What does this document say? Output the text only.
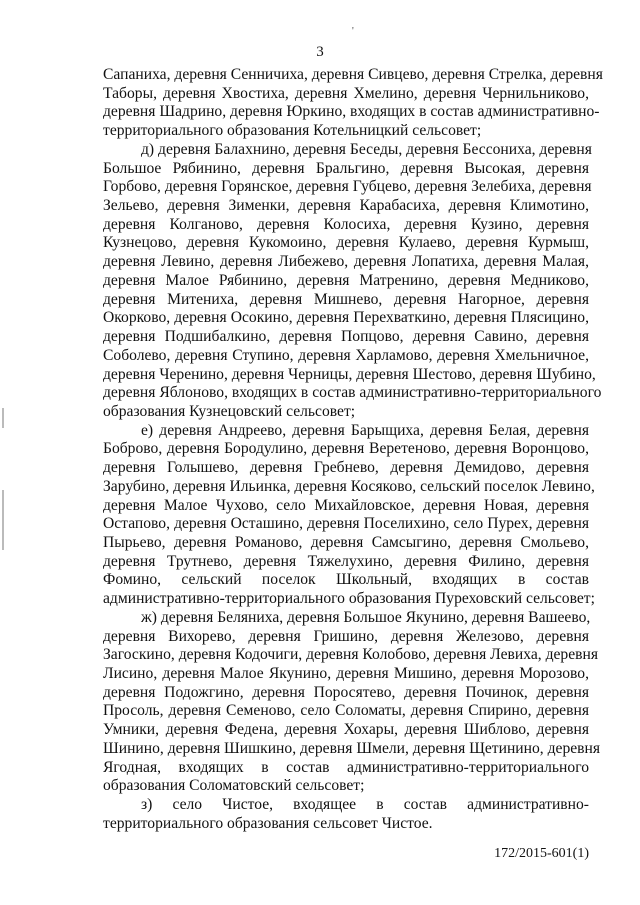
'
3
Сапаниха, деревня Сенничиха, деревня Сивцево, деревня Стрелка, деревня
Таборы, деревня Хвостиха, деревня Хмелино, деревня Чернильниково,
деревня Шадрино, деревня Юркино, входящих в состав административно-
территориального образования Котельницкий сельсовет;
д) деревня Балахнино, деревня Беседы, деревня Бессониха, деревня
Большое Рябинино, деревня Бральгино, деревня Высокая, деревня
Горбово, деревня Горянское, деревня Губцево, деревня Зелебиха, деревня
Зельево, деревня Зименки, деревня Карабасиха, деревня Климотино,
деревня Колганово, деревня Колосиха, деревня Кузино, деревня
Кузнецово, деревня Кукомоино, деревня Кулаево, деревня Курмыш,
деревня Левино, деревня Либежево, деревня Лопатиха, деревня Малая,
деревня Малое Рябинино, деревня Матренино, деревня Медниково,
деревня Митениха, деревня Мишнево, деревня Нагорное, деревня
Окорково, деревня Осокино, деревня Перехваткино, деревня Плясицино,
деревня Подшибалкино, деревня Попцово, деревня Савино, деревня
Соболево, деревня Ступино, деревня Харламово, деревня Хмельничное,
деревня Черенино, деревня Черницы, деревня Шестово, деревня Шубино,
деревня Яблоново, входящих в состав административно-территориального
образования Кузнецовский сельсовет;
е) деревня Андреево, деревня Барыщиха, деревня Белая, деревня
Боброво, деревня Бородулино, деревня Веретеново, деревня Воронцово,
деревня Голышево, деревня Гребнево, деревня Демидово, деревня
Зарубино, деревня Ильинка, деревня Косяково, сельский поселок Левино,
деревня Малое Чухово, село Михайловское, деревня Новая, деревня
Остапово, деревня Осташино, деревня Поселихино, село Пурех, деревня
Пырьево, деревня Романово, деревня Самсыгино, деревня Смольево,
деревня Трутнево, деревня Тяжелухино, деревня Филино, деревня
Фомино, сельский поселок Школьный, входящих в состав
административно-территориального образования Пуреховский сельсовет;
ж) деревня Беляниха, деревня Большое Якунино, деревня Вашеево,
деревня Вихорево, деревня Гришино, деревня Железово, деревня
Загоскино, деревня Кодочиги, деревня Колобово, деревня Левиха, деревня
Лисино, деревня Малое Якунино, деревня Мишино, деревня Морозово,
деревня Подожгино, деревня Поросятево, деревня Починок, деревня
Просоль, деревня Семеново, село Соломаты, деревня Спирино, деревня
Умники, деревня Федена, деревня Хохары, деревня Шиблово, деревня
Шинино, деревня Шишкино, деревня Шмели, деревня Щетинино, деревня
Ягодная, входящих в состав административно-территориального
образования Соломатовский сельсовет;
з) село Чистое, входящее в состав административно-
территориального образования сельсовет Чистое.
172/2015-601(1)
